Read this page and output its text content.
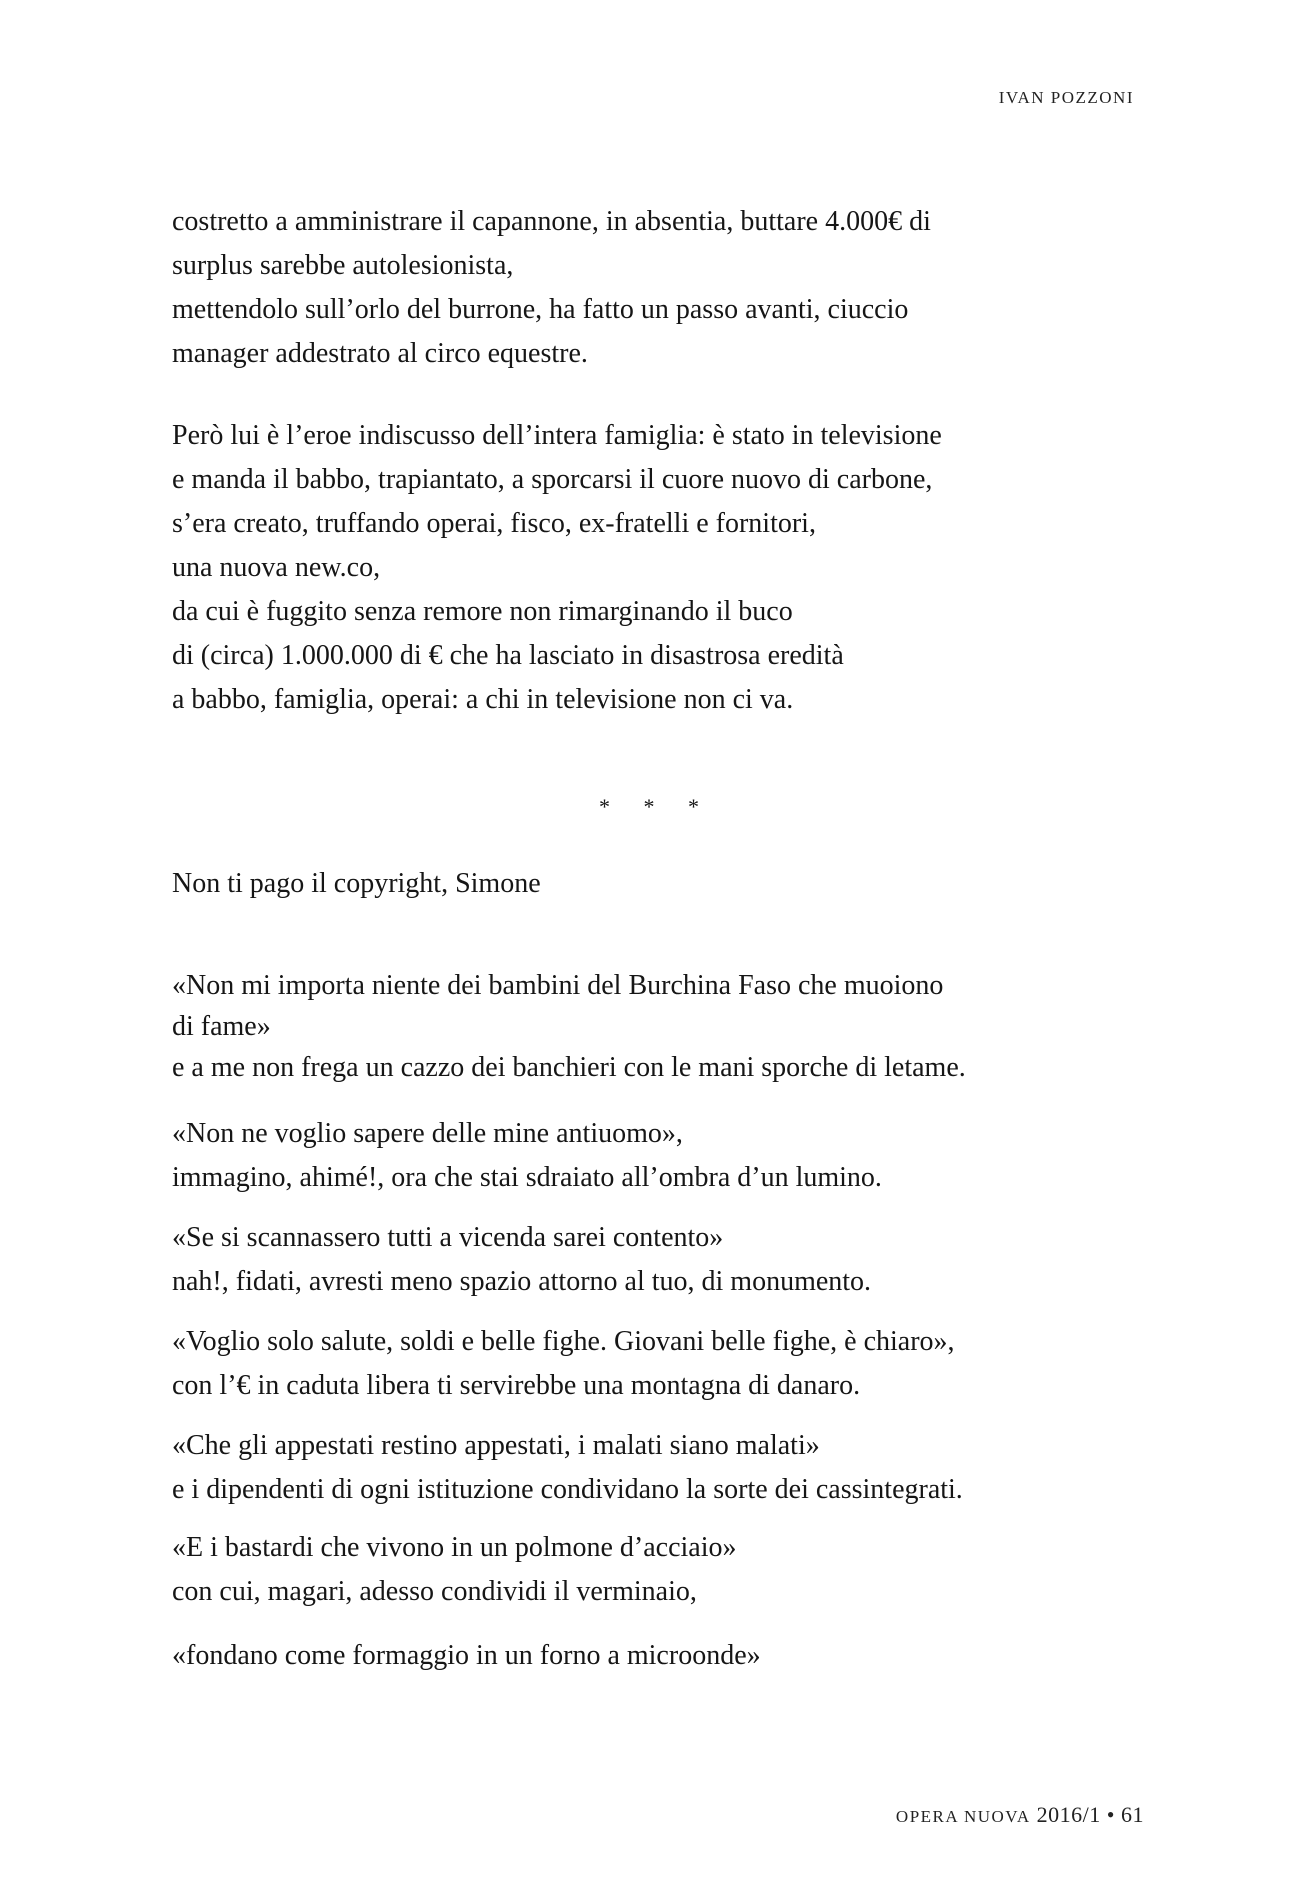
IVAN POZZONI
costretto a amministrare il capannone, in absentia, buttare 4.000€ di
surplus sarebbe autolesionista,
mettendolo sull’orlo del burrone, ha fatto un passo avanti, ciuccio
manager addestrato al circo equestre.
Però lui è l’eroe indiscusso dell’intera famiglia: è stato in televisione
e manda il babbo, trapiantato, a sporcarsi il cuore nuovo di carbone,
s’era creato, truffando operai, fisco, ex-fratelli e fornitori,
una nuova new.co,
da cui è fuggito senza remore non rimarginando il buco
di (circa) 1.000.000 di € che ha lasciato in disastrosa eredità
a babbo, famiglia, operai: a chi in televisione non ci va.
* * *
Non ti pago il copyright, Simone
«Non mi importa niente dei bambini del Burchina Faso che muoiono
di fame»
e a me non frega un cazzo dei banchieri con le mani sporche di letame.
«Non ne voglio sapere delle mine antiuomo»,
immagino, ahimé!, ora che stai sdraiato all’ombra d’un lumino.
«Se si scannassero tutti a vicenda sarei contento»
nah!, fidati, avresti meno spazio attorno al tuo, di monumento.
«Voglio solo salute, soldi e belle fighe. Giovani belle fighe, è chiaro»,
con l’€ in caduta libera ti servirebbe una montagna di danaro.
«Che gli appestati restino appestati, i malati siano malati»
e i dipendenti di ogni istituzione condividano la sorte dei cassintegrati.
«E i bastardi che vivono in un polmone d’acciaio»
con cui, magari, adesso condividi il verminaio,
«fondano come formaggio in un forno a microonde»
OPERA NUOVA 2016/1 • 61
